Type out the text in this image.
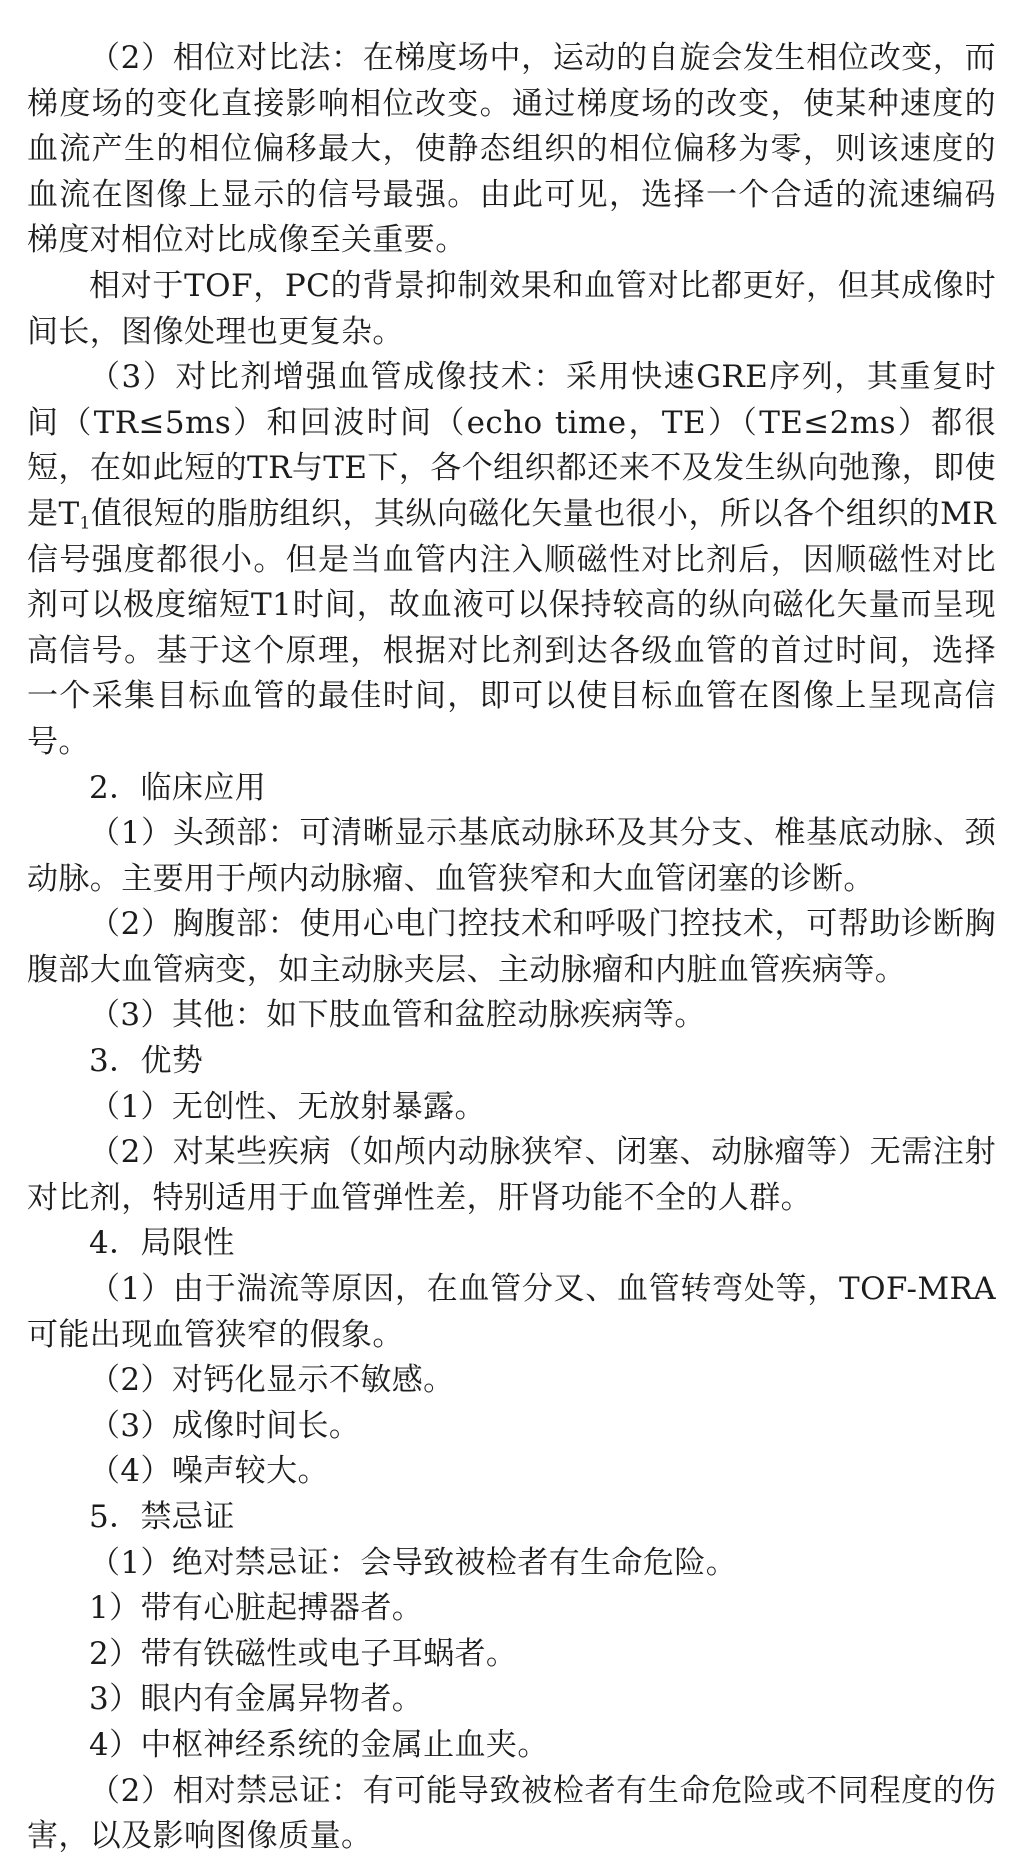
（2）相位对比法：在梯度场中，运动的自旋会发生相位改变，而梯度场的变化直接影响相位改变。通过梯度场的改变，使某种速度的血流产生的相位偏移最大，使静态组织的相位偏移为零，则该速度的血流在图像上显示的信号最强。由此可见，选择一个合适的流速编码梯度对相位对比成像至关重要。

相对于TOF，PC的背景抑制效果和血管对比都更好，但其成像时间长，图像处理也更复杂。

（3）对比剂增强血管成像技术：采用快速GRE序列，其重复时间（TR≤5ms）和回波时间（echo time，TE）（TE≤2ms）都很短，在如此短的TR与TE下，各个组织都还来不及发生纵向弛豫，即使是$T_1$值很短的脂肪组织，其纵向磁化矢量也很小，所以各个组织的MR信号强度都很小。但是当血管内注入顺磁性对比剂后，因顺磁性对比剂可以极度缩短T1时间，故血液可以保持较高的纵向磁化矢量而呈现高信号。基于这个原理，根据对比剂到达各级血管的首过时间，选择一个采集目标血管的最佳时间，即可以使目标血管在图像上呈现高信号。

2．临床应用

（1）头颈部：可清晰显示基底动脉环及其分支、椎基底动脉、颈动脉。主要用于颅内动脉瘤、血管狭窄和大血管闭塞的诊断。

（2）胸腹部：使用心电门控技术和呼吸门控技术，可帮助诊断胸腹部大血管病变，如主动脉夹层、主动脉瘤和内脏血管疾病等。

（3）其他：如下肢血管和盆腔动脉疾病等。

3．优势

（1）无创性、无放射暴露。

（2）对某些疾病（如颅内动脉狭窄、闭塞、动脉瘤等）无需注射对比剂，特别适用于血管弹性差，肝肾功能不全的人群。

4．局限性

（1）由于湍流等原因，在血管分叉、血管转弯处等，TOF-MRA可能出现血管狭窄的假象。

（2）对钙化显示不敏感。

（3）成像时间长。

（4）噪声较大。

5．禁忌证

（1）绝对禁忌证：会导致被检者有生命危险。

1）带有心脏起搏器者。

2）带有铁磁性或电子耳蜗者。

3）眼内有金属异物者。

4）中枢神经系统的金属止血夹。

（2）相对禁忌证：有可能导致被检者有生命危险或不同程度的伤害，以及影响图像质量。
